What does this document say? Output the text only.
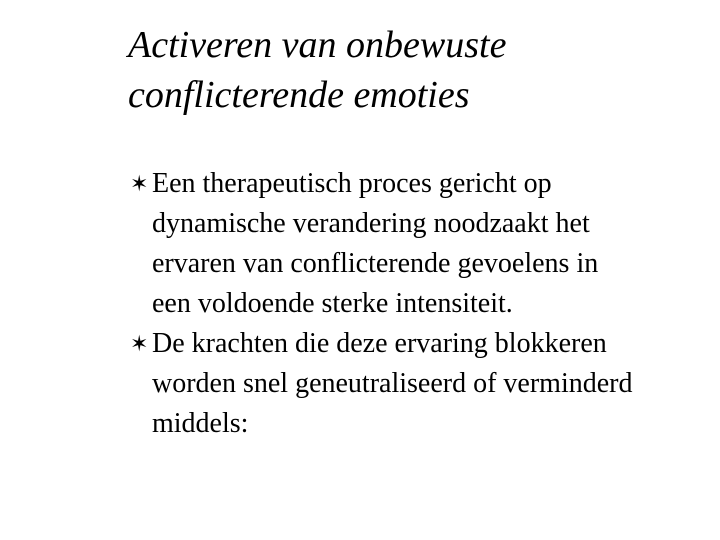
Activeren van onbewuste
conflicterende emoties
✶ Een therapeutisch proces gericht op
dynamische verandering noodzaakt het
ervaren van conflicterende gevoelens in
een voldoende sterke intensiteit.
✶ De krachten die deze ervaring blokkeren
worden snel geneutraliseerd of verminderd
middels:
